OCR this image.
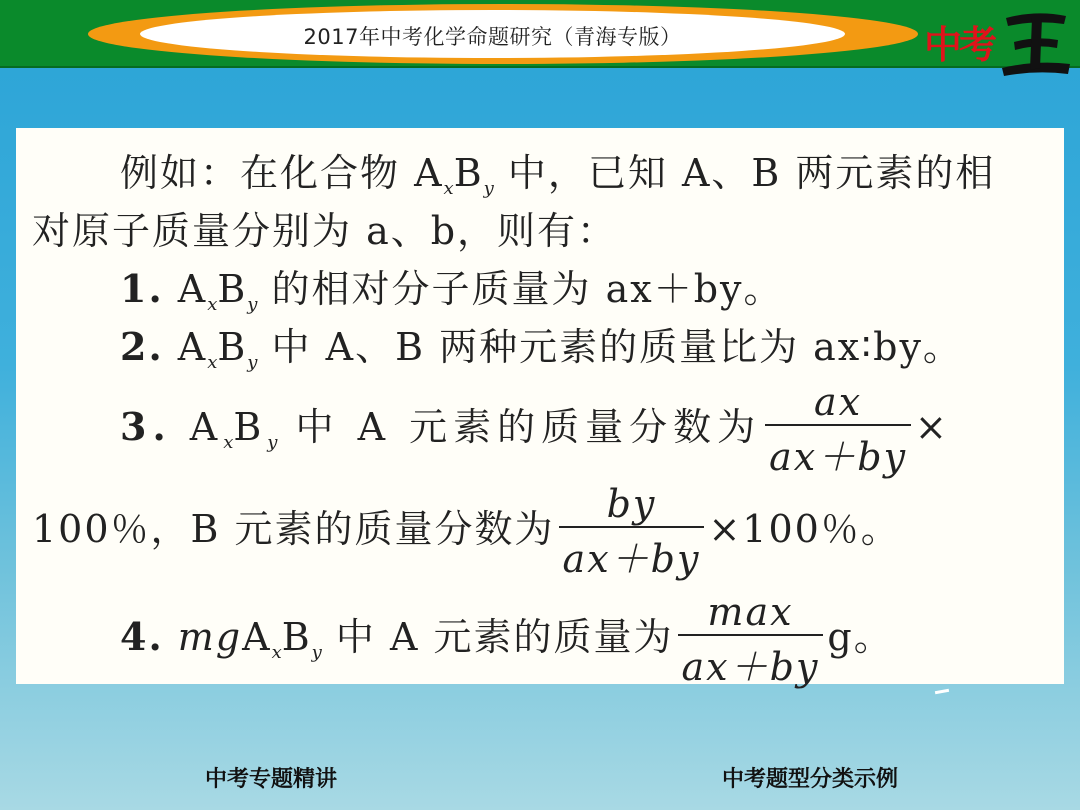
2017年中考化学命题研究（青海专版）	中考
例如：在化合物 $A_xB_y$ 中，已知 A、B 两元素的相
对原子质量分别为 a、b，则有：
1. $A_xB_y$ 的相对分子质量为 ax＋by。
2. $A_xB_y$ 中 A、B 两种元素的质量比为 ax∶by。
3. $A_xB_y$ 中 A 元素的质量分数为 $\frac{ax}{ax+by}$ ×
100％，B 元素的质量分数为 $\frac{by}{ax+by} \times 100$％。
4. $mgA_xB_y$ 中 A 元素的质量为 $\frac{\max}{ax+by}$ g。
中考专题精讲	中考题型分类示例
